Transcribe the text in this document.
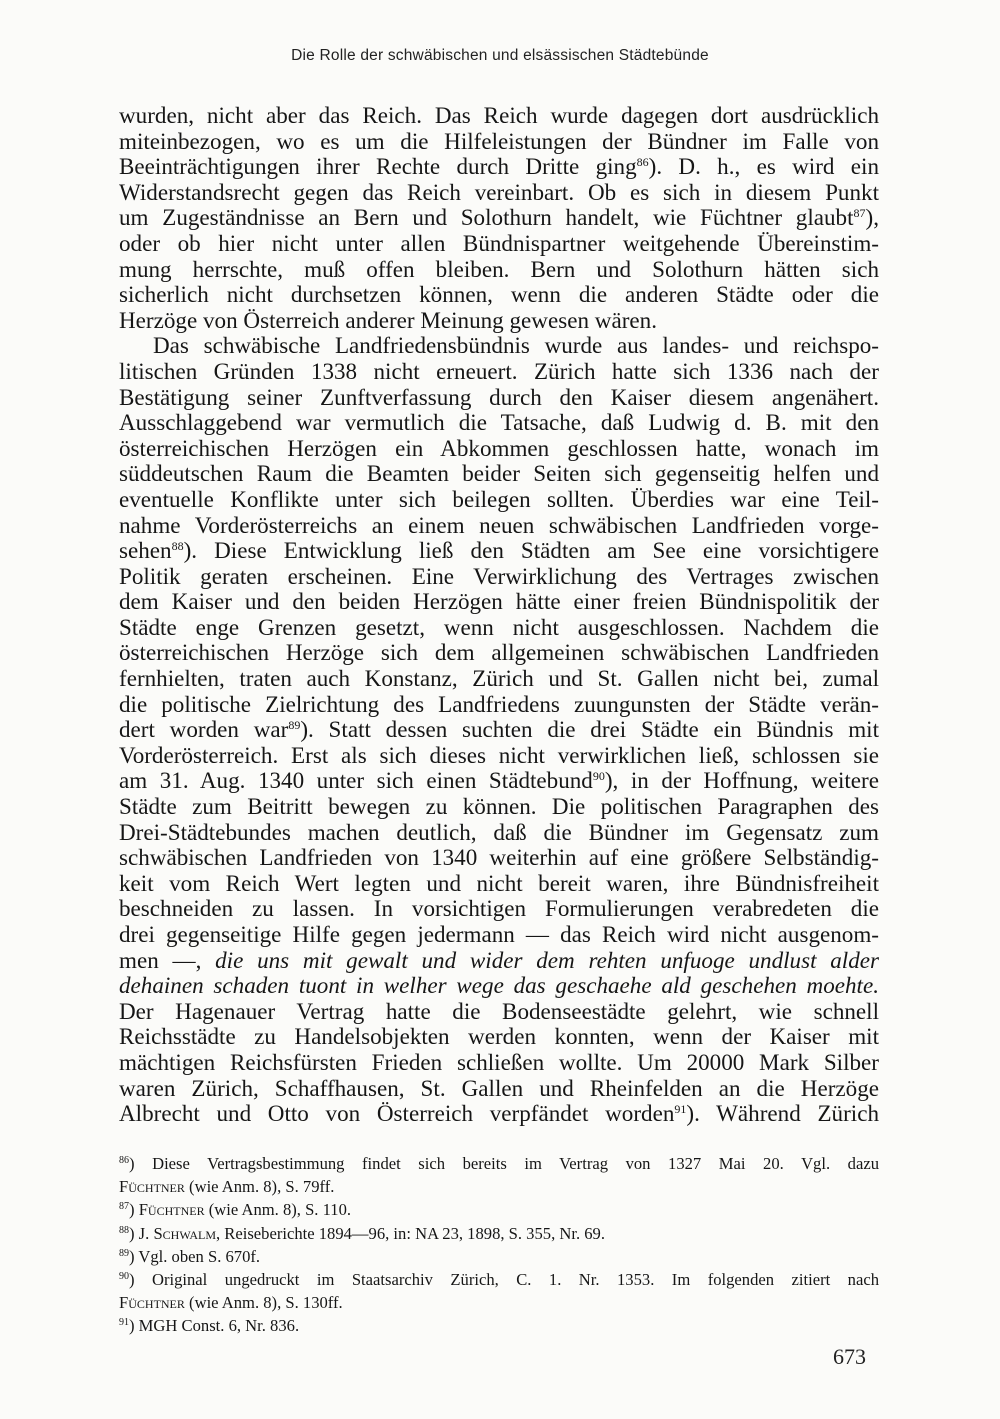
Die Rolle der schwäbischen und elsässischen Städtebünde
wurden, nicht aber das Reich. Das Reich wurde dagegen dort ausdrücklich
miteinbezogen, wo es um die Hilfeleistungen der Bündner im Falle von
Beeinträchtigungen ihrer Rechte durch Dritte ging$^{86}$). D. h., es wird ein
Widerstandsrecht gegen das Reich vereinbart. Ob es sich in diesem Punkt
um Zugeständnisse an Bern und Solothurn handelt, wie Füchtner glaubt$^{87}$),
oder ob hier nicht unter allen Bündnispartner weitgehende Übereinstim-
mung herrschte, muß offen bleiben. Bern und Solothurn hätten sich
sicherlich nicht durchsetzen können, wenn die anderen Städte oder die
Herzöge von Österreich anderer Meinung gewesen wären.
Das schwäbische Landfriedensbündnis wurde aus landes- und reichspo-
litischen Gründen 1338 nicht erneuert. Zürich hatte sich 1336 nach der
Bestätigung seiner Zunftverfassung durch den Kaiser diesem angenähert.
Ausschlaggebend war vermutlich die Tatsache, daß Ludwig d. B. mit den
österreichischen Herzögen ein Abkommen geschlossen hatte, wonach im
süddeutschen Raum die Beamten beider Seiten sich gegenseitig helfen und
eventuelle Konflikte unter sich beilegen sollten. Überdies war eine Teil-
nahme Vorderösterreichs an einem neuen schwäbischen Landfrieden vorge-
sehen$^{88}$). Diese Entwicklung ließ den Städten am See eine vorsichtigere
Politik geraten erscheinen. Eine Verwirklichung des Vertrages zwischen
dem Kaiser und den beiden Herzögen hätte einer freien Bündnispolitik der
Städte enge Grenzen gesetzt, wenn nicht ausgeschlossen. Nachdem die
österreichischen Herzöge sich dem allgemeinen schwäbischen Landfrieden
fernhielten, traten auch Konstanz, Zürich und St. Gallen nicht bei, zumal
die politische Zielrichtung des Landfriedens zuungunsten der Städte verän-
dert worden war$^{89}$). Statt dessen suchten die drei Städte ein Bündnis mit
Vorderösterreich. Erst als sich dieses nicht verwirklichen ließ, schlossen sie
am 31. Aug. 1340 unter sich einen Städtebund$^{90}$), in der Hoffnung, weitere
Städte zum Beitritt bewegen zu können. Die politischen Paragraphen des
Drei-Städtebundes machen deutlich, daß die Bündner im Gegensatz zum
schwäbischen Landfrieden von 1340 weiterhin auf eine größere Selbständig-
keit vom Reich Wert legten und nicht bereit waren, ihre Bündnisfreiheit
beschneiden zu lassen. In vorsichtigen Formulierungen verabredeten die
drei gegenseitige Hilfe gegen jedermann — das Reich wird nicht ausgenom-
men —, die uns mit gewalt und wider dem rehten unfuoge undlust alder
dehainen schaden tuont in welher wege das geschaehe ald geschehen moehte.
Der Hagenauer Vertrag hatte die Bodenseestädte gelehrt, wie schnell
Reichsstädte zu Handelsobjekten werden konnten, wenn der Kaiser mit
mächtigen Reichsfürsten Frieden schließen wollte. Um 20000 Mark Silber
waren Zürich, Schaffhausen, St. Gallen und Rheinfelden an die Herzöge
Albrecht und Otto von Österreich verpfändet worden$^{91}$). Während Zürich
$^{86}$) Diese Vertragsbestimmung findet sich bereits im Vertrag von 1327 Mai 20. Vgl. dazu
Füchtner (wie Anm. 8), S. 79ff.
$^{87}$) Füchtner (wie Anm. 8), S. 110.
$^{88}$) J. Schwalm, Reiseberichte 1894—96, in: NA 23, 1898, S. 355, Nr. 69.
$^{89}$) Vgl. oben S. 670f.
$^{90}$) Original ungedruckt im Staatsarchiv Zürich, C. 1. Nr. 1353. Im folgenden zitiert nach
Füchtner (wie Anm. 8), S. 130ff.
$^{91}$) MGH Const. 6, Nr. 836.
673
